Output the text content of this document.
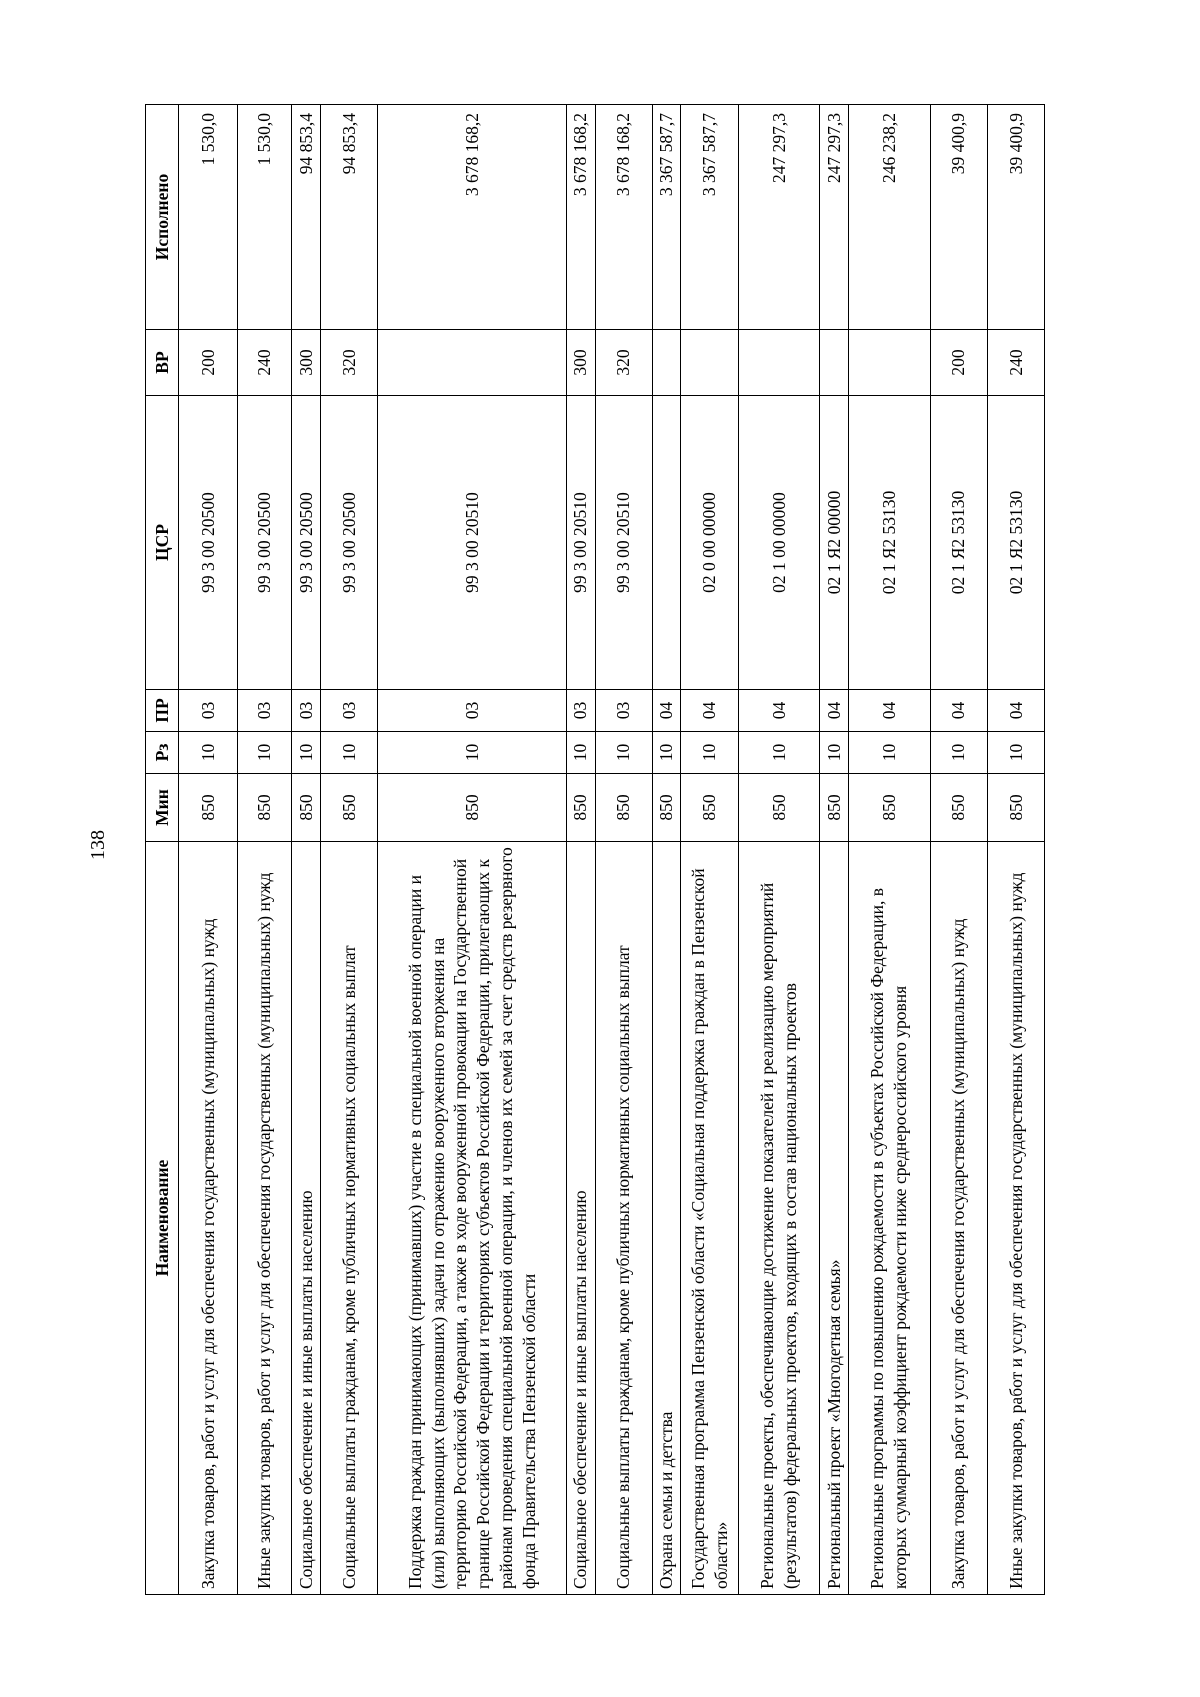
138
Наименование	Мин	Рз	ПР	ЦСР	ВР	Исполнено
Закупка товаров, работ и услуг для обеспечения государственных (муниципальных) нужд	850	10	03	99 3 00 20500	200	1 530,0
Иные закупки товаров, работ и услуг для обеспечения государственных (муниципальных) нужд	850	10	03	99 3 00 20500	240	1 530,0
Социальное обеспечение и иные выплаты населению	850	10	03	99 3 00 20500	300	94 853,4
Социальные выплаты гражданам, кроме публичных нормативных социальных выплат	850	10	03	99 3 00 20500	320	94 853,4
Поддержка граждан принимающих (принимавших) участие в специальной военной операции и (или) выполняющих (выполнявших) задачи по отражению вооруженного вторжения на территорию Российской Федерации, а также в ходе вооруженной провокации на Государственной границе Российской Федерации и территориях субъектов Российской Федерации, прилегающих к районам проведения специальной военной операции, и членов их семей за счет средств резервного фонда Правительства Пензенской области	850	10	03	99 3 00 20510		3 678 168,2
Социальное обеспечение и иные выплаты населению	850	10	03	99 3 00 20510	300	3 678 168,2
Социальные выплаты гражданам, кроме публичных нормативных социальных выплат	850	10	03	99 3 00 20510	320	3 678 168,2
Охрана семьи и детства	850	10	04			3 367 587,7
Государственная программа Пензенской области «Социальная поддержка граждан в Пензенской области»	850	10	04	02 0 00 00000		3 367 587,7
Региональные проекты, обеспечивающие достижение показателей и реализацию мероприятий (результатов) федеральных проектов, входящих в состав национальных проектов	850	10	04	02 1 00 00000		247 297,3
Региональный проект «Многодетная семья»	850	10	04	02 1 Я2 00000		247 297,3
Региональные программы по повышению рождаемости в субъектах Российской Федерации, в которых суммарный коэффициент рождаемости ниже среднероссийского уровня	850	10	04	02 1 Я2 53130		246 238,2
Закупка товаров, работ и услуг для обеспечения государственных (муниципальных) нужд	850	10	04	02 1 Я2 53130	200	39 400,9
Иные закупки товаров, работ и услуг для обеспечения государственных (муниципальных) нужд	850	10	04	02 1 Я2 53130	240	39 400,9
